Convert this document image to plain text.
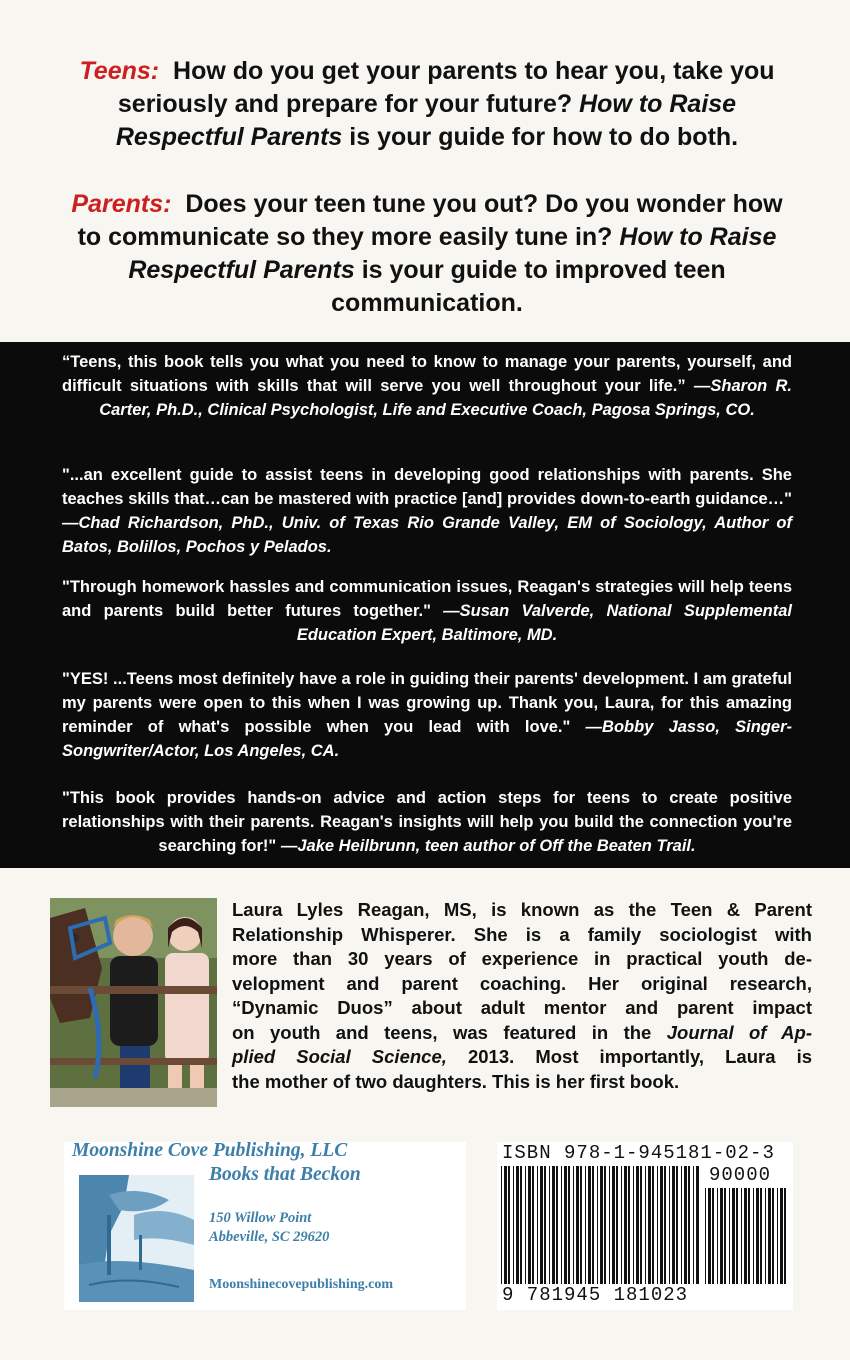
Teens: How do you get your parents to hear you, take you seriously and prepare for your future? How to Raise Respectful Parents is your guide for how to do both.
Parents: Does your teen tune you out? Do you wonder how to communicate so they more easily tune in? How to Raise Respectful Parents is your guide to improved teen communication.
“Teens, this book tells you what you need to know to manage your parents, yourself, and difficult situations with skills that will serve you well throughout your life.” —Sharon R. Carter, Ph.D., Clinical Psychologist, Life and Executive Coach, Pagosa Springs, CO.
"...an excellent guide to assist teens in developing good relationships with parents. She teaches skills that…can be mastered with practice [and] provides down-to-earth guidance…" —Chad Richardson, PhD., Univ. of Texas Rio Grande Valley, EM of Sociology, Author of Batos, Bolillos, Pochos y Pelados.
"Through homework hassles and communication issues, Reagan's strategies will help teens and parents build better futures together." —Susan Valverde, National Supplemental Education Expert, Baltimore, MD.
"YES! ...Teens most definitely have a role in guiding their parents' development. I am grateful my parents were open to this when I was growing up. Thank you, Laura, for this amazing reminder of what's possible when you lead with love." —Bobby Jasso, Singer-Songwriter/Actor, Los Angeles, CA.
"This book provides hands-on advice and action steps for teens to create positive relationships with their parents. Reagan's insights will help you build the connection you're searching for!" —Jake Heilbrunn, teen author of Off the Beaten Trail.
Laura Lyles Reagan, MS, is known as the Teen & Parent
Relationship Whisperer. She is a family sociologist with
more than 30 years of experience in practical youth de-
velopment and parent coaching. Her original research,
“Dynamic Duos” about adult mentor and parent impact
on youth and teens, was featured in the Journal of Ap-
plied Social Science, 2013. Most importantly, Laura is
the mother of two daughters. This is her first book.
Moonshine Cove Publishing, LLC
Books that Beckon
150 Willow Point
Abbeville, SC 29620
Moonshinecovepublishing.com
ISBN 978-1-945181-02-3
90000
9 781945 181023
